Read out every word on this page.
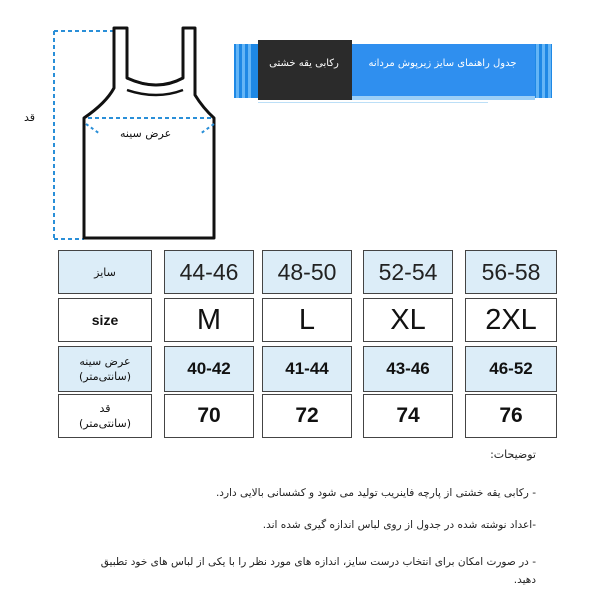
قد
عرض سینه
جدول راهنمای سایز زیرپوش مردانه
رکابی یقه خشتی
سایز	44-46	48-50	52-54	56-58
size	M	L	XL	2XL
عرض سینه
(سانتی‌متر)	40-42	41-44	43-46	46-52
قد
(سانتی‌متر)	70	72	74	76
توضیحات:
- رکابی یقه خشتی از پارچه فاینریب تولید می شود و کشسانی بالایی دارد.
-اعداد نوشته شده در جدول از روی لباس اندازه گیری شده اند.
- در صورت امکان برای انتخاب درست سایز، اندازه های مورد نظر را با یکی از لباس های خود تطبیق
دهید.
